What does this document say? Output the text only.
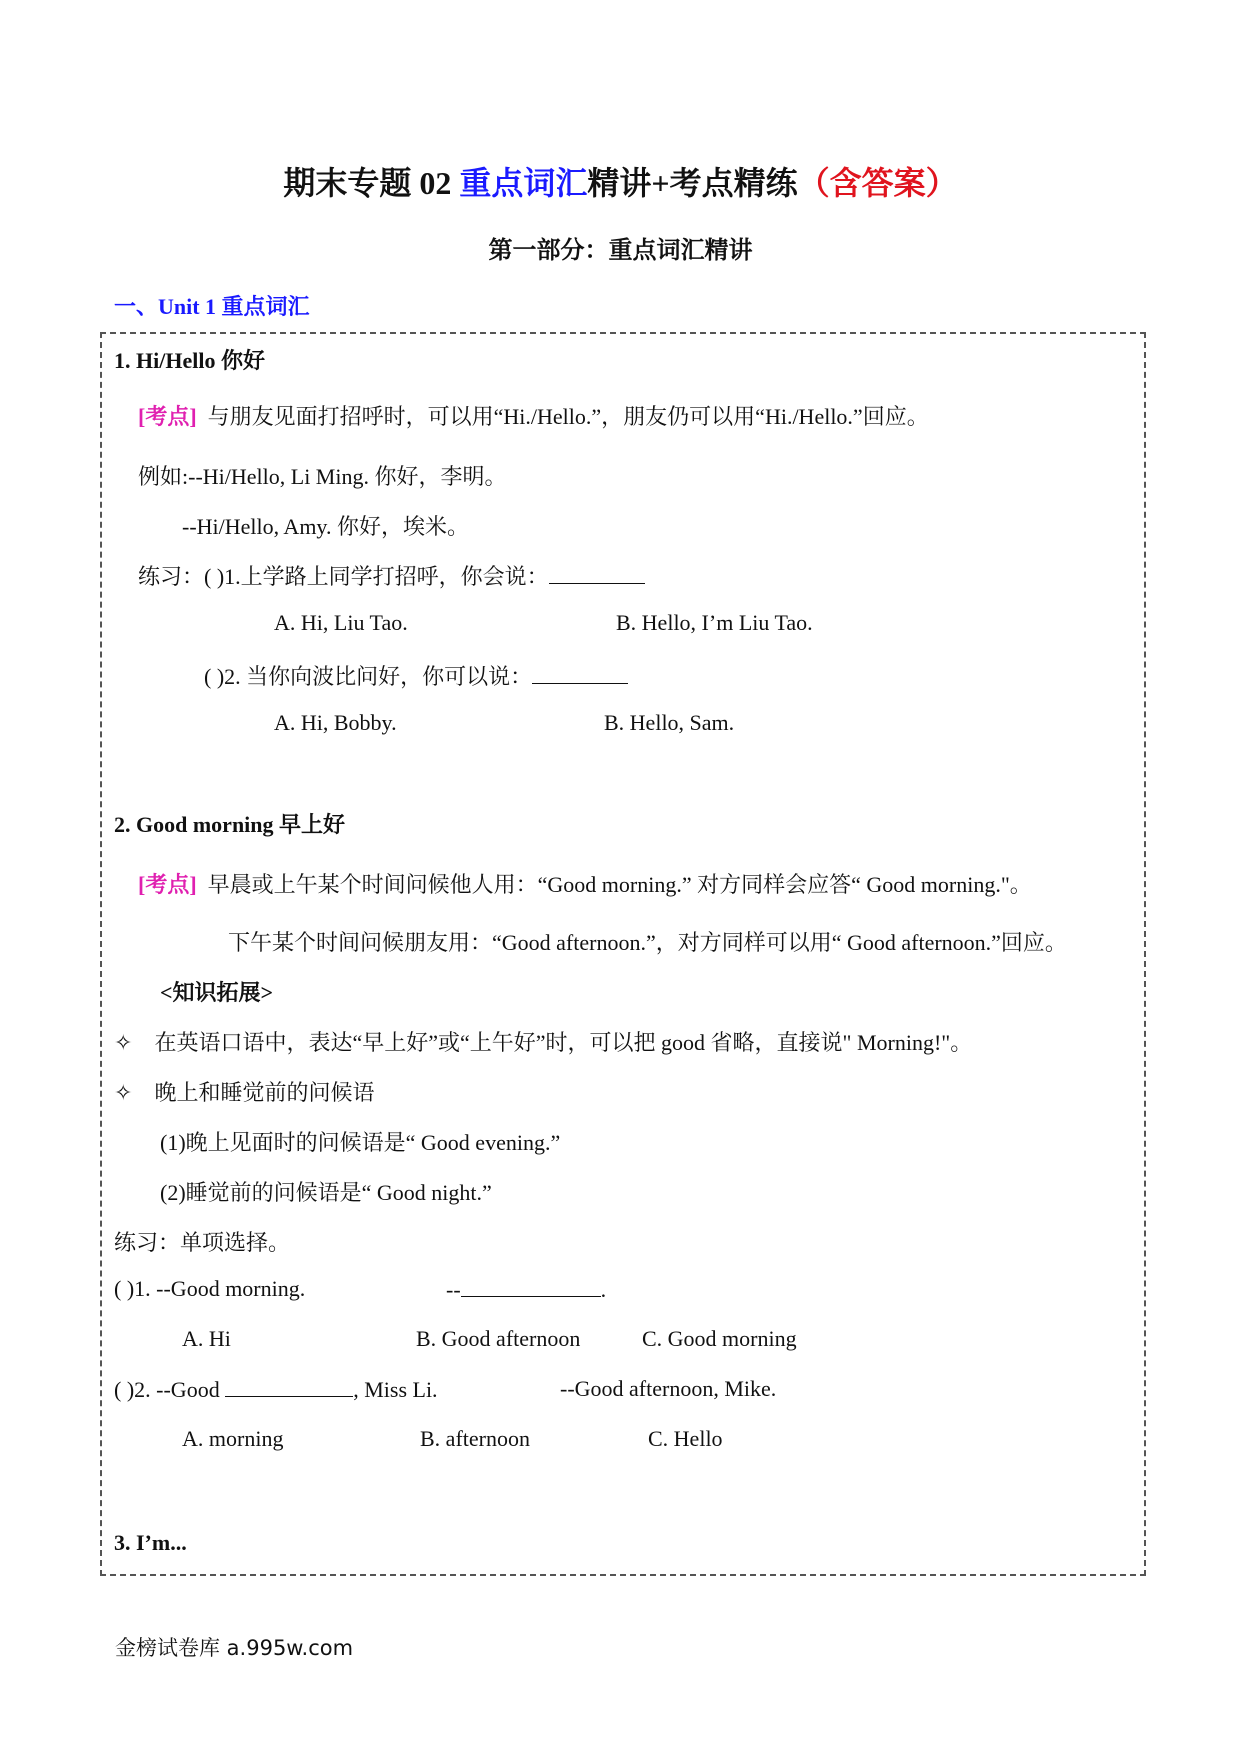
期末专题 02 重点词汇精讲+考点精练（含答案）
第一部分：重点词汇精讲
一、Unit 1 重点词汇
1. Hi/Hello 你好
[考点] 与朋友见面打招呼时，可以用“Hi./Hello.”，朋友仍可以用“Hi./Hello.”回应。
例如:--Hi/Hello, Li Ming. 你好，李明。
--Hi/Hello, Amy. 你好，埃米。
练习：( )1.上学路上同学打招呼，你会说：
A. Hi, Liu Tao.	B. Hello, I’m Liu Tao.
( )2. 当你向波比问好，你可以说：
A. Hi, Bobby.	B. Hello, Sam.
2. Good morning 早上好
[考点] 早晨或上午某个时间问候他人用：“Good morning.” 对方同样会应答“ Good morning."。
下午某个时间问候朋友用：“Good afternoon.”，对方同样可以用“ Good afternoon.”回应。
<知识拓展>
✧ 在英语口语中，表达“早上好”或“上午好”时，可以把 good 省略，直接说" Morning!"。
✧ 晚上和睡觉前的问候语
(1)晚上见面时的问候语是“ Good evening.”
(2)睡觉前的问候语是“ Good night.”
练习：单项选择。
( )1. --Good morning.	--	.
A. Hi	B. Good afternoon	C. Good morning
( )2. --Good	, Miss Li.	--Good afternoon, Mike.
A. morning	B. afternoon	C. Hello
3. I’m...
金榜试卷库 a.995w.com
